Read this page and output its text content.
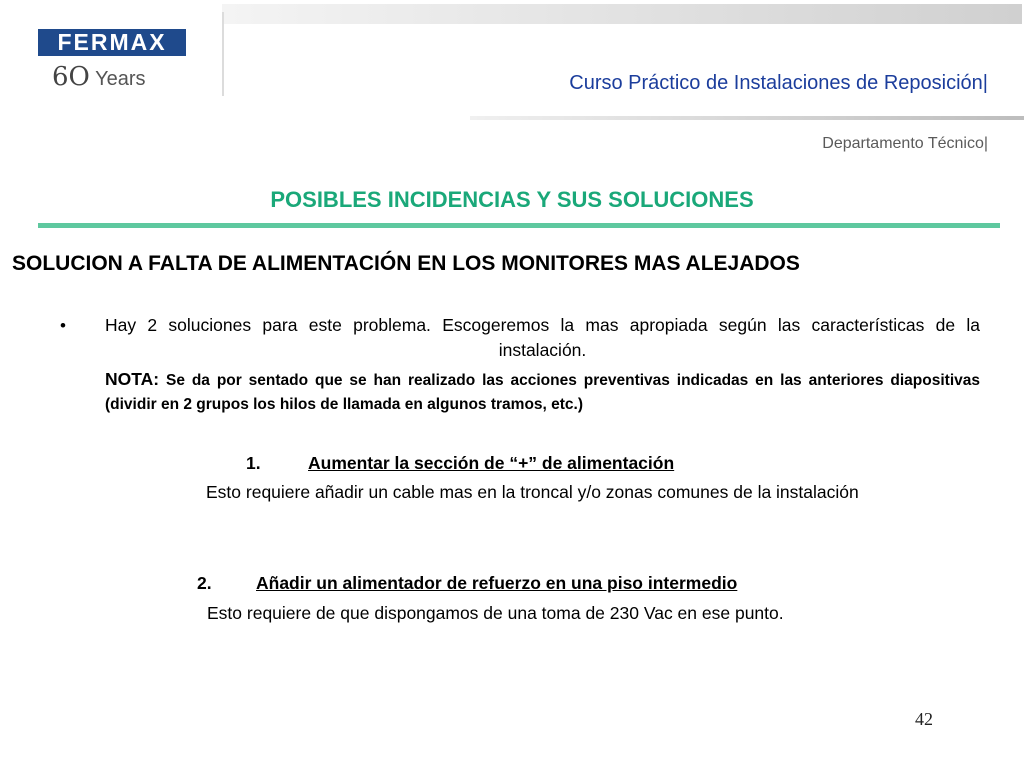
FERMAX
6O Years	Curso Práctico de Instalaciones de Reposición|
Departamento Técnico|
POSIBLES INCIDENCIAS Y SUS SOLUCIONES
SOLUCION A FALTA DE ALIMENTACIÓN EN LOS MONITORES MAS ALEJADOS
• Hay 2 soluciones para este problema. Escogeremos la mas apropiada según las características de la instalación.
NOTA: Se da por sentado que se han realizado las acciones preventivas indicadas en las anteriores diapositivas (dividir en 2 grupos los hilos de llamada en algunos tramos, etc.)
1.	Aumentar la sección de “+” de alimentación
Esto requiere añadir un cable mas en la troncal y/o zonas comunes de la instalación
2.	Añadir un alimentador de refuerzo en una piso intermedio
Esto requiere de que dispongamos de una toma de 230 Vac en ese punto.
42
